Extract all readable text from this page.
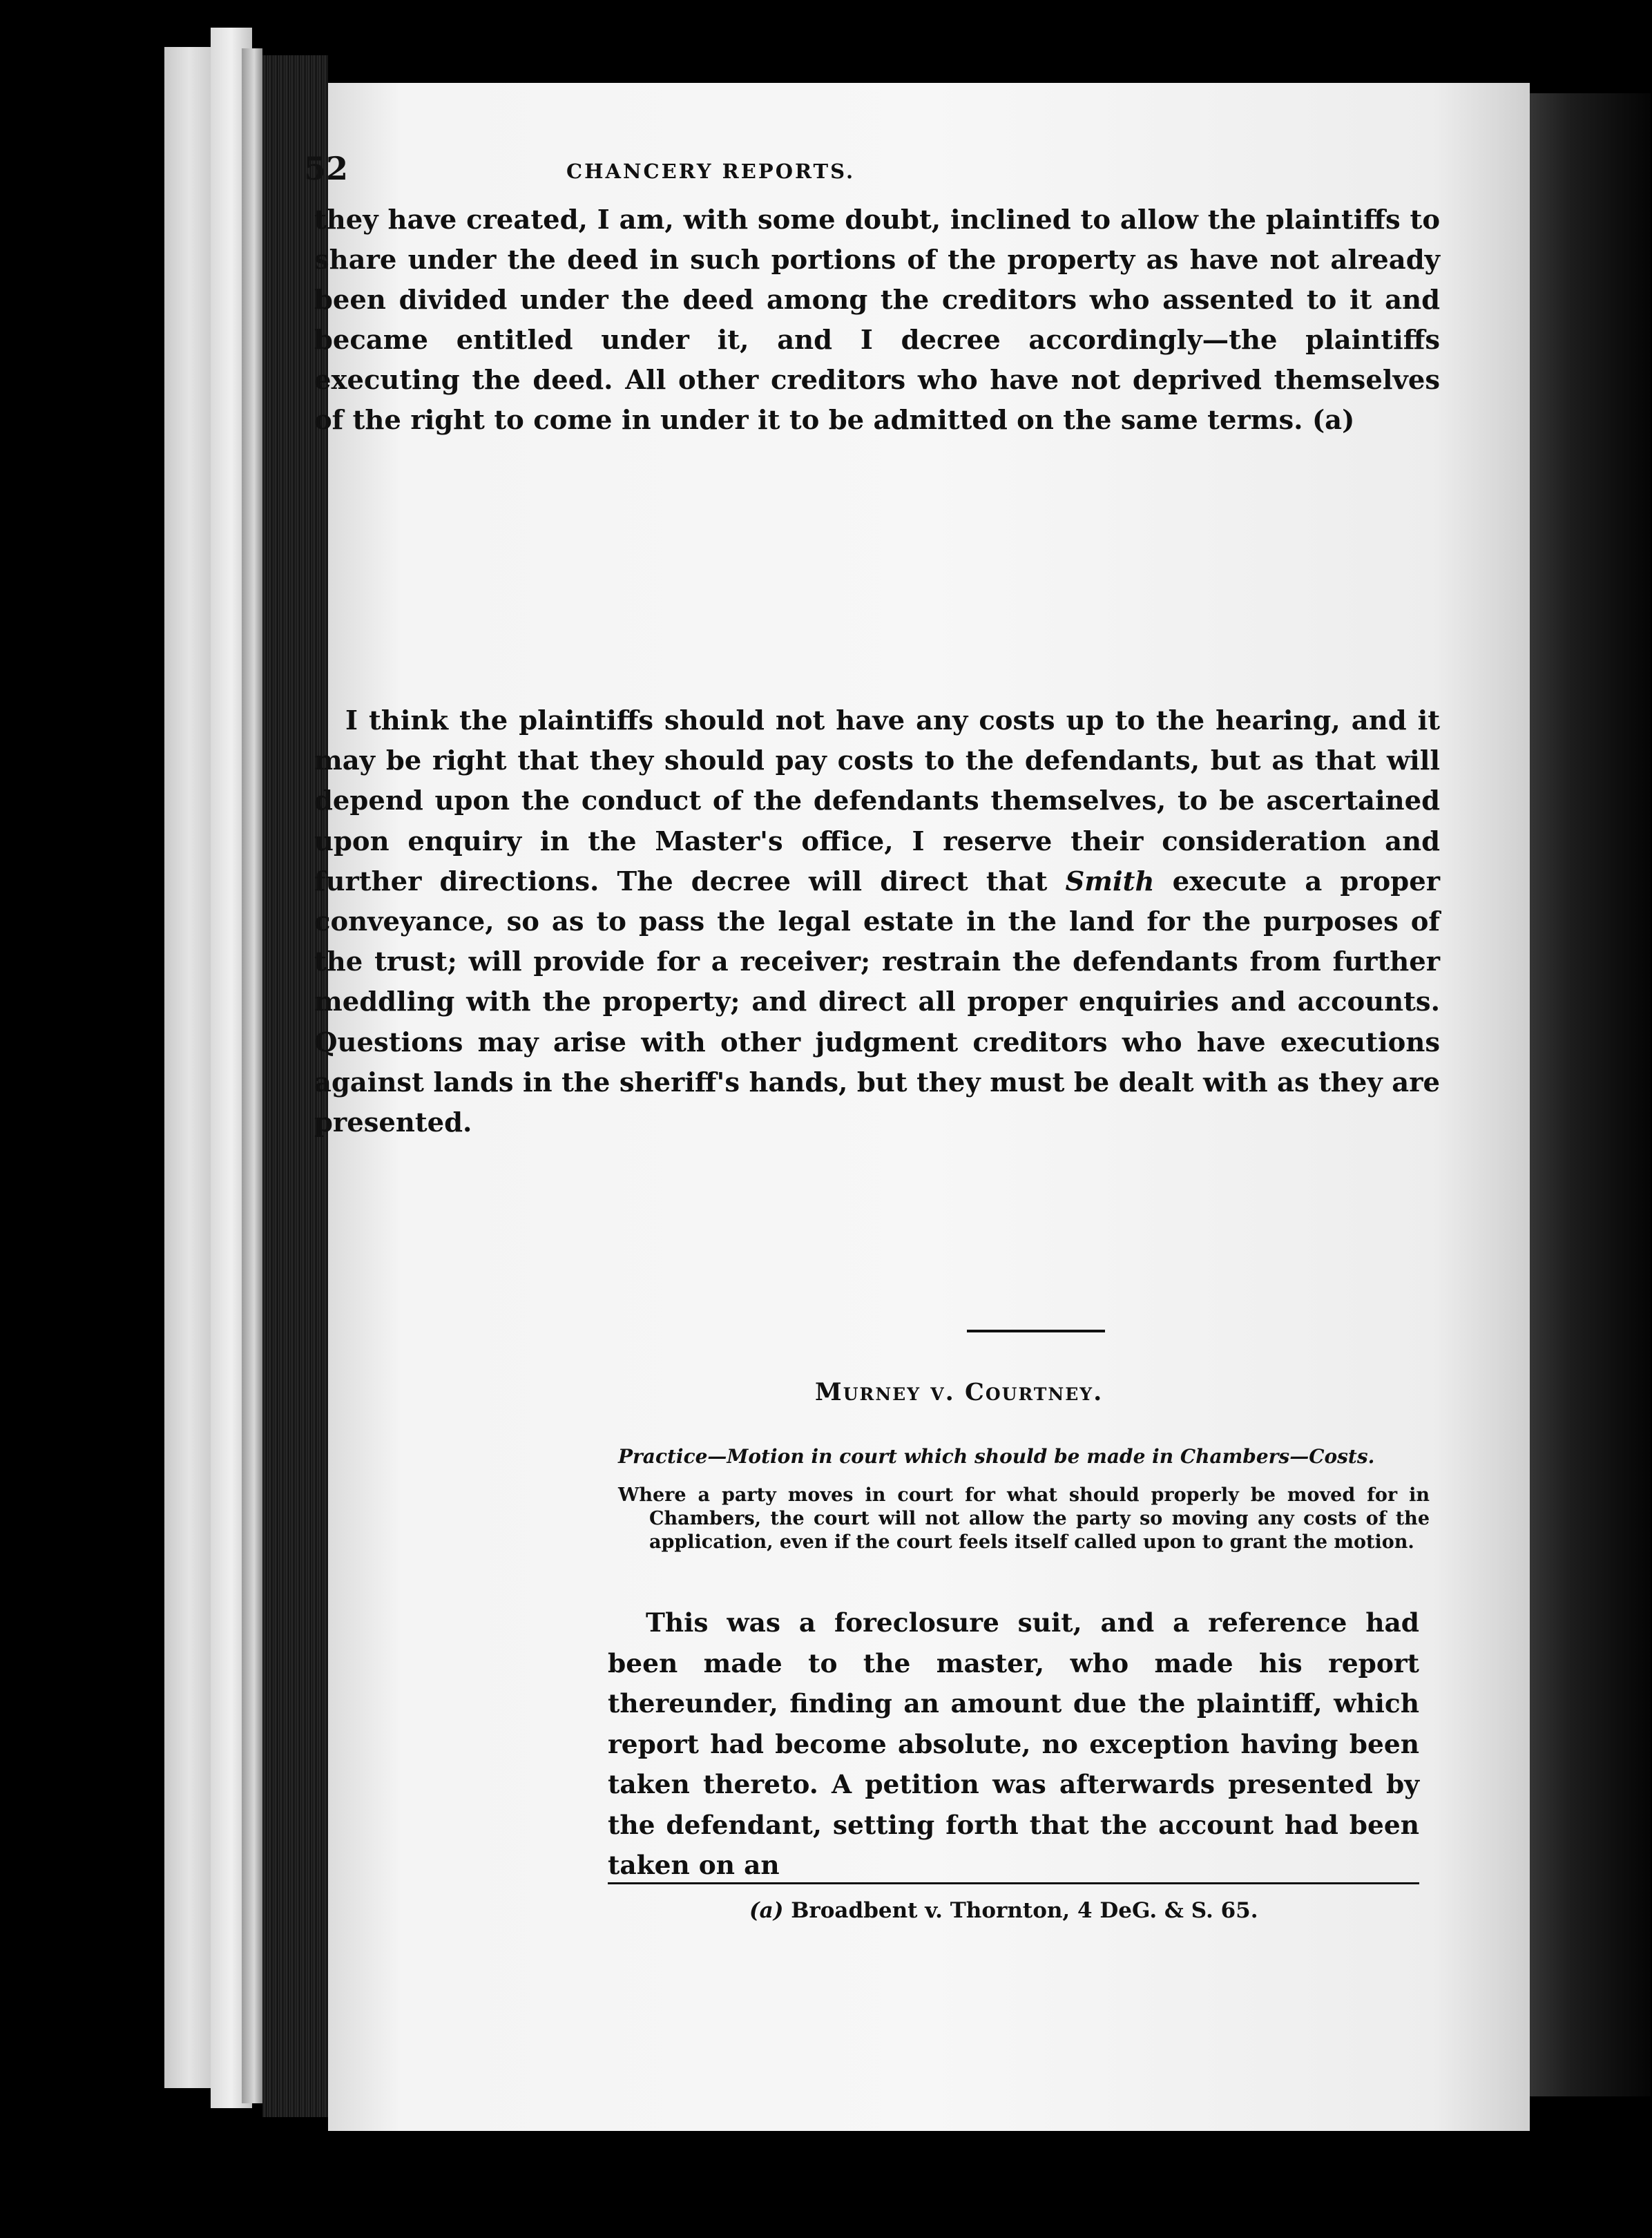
52	CHANCERY REPORTS.
they have created, I am, with some doubt, inclined to allow the plaintiffs to share under the deed in such portions of the property as have not already been divided under the deed among the creditors who assented to it and became entitled under it, and I decree accordingly—the plaintiffs executing the deed. All other creditors who have not deprived themselves of the right to come in under it to be admitted on the same terms. (a)
I think the plaintiffs should not have any costs up to the hearing, and it may be right that they should pay costs to the defendants, but as that will depend upon the conduct of the defendants themselves, to be ascertained upon enquiry in the Master's office, I reserve their consideration and further directions. The decree will direct that Smith execute a proper conveyance, so as to pass the legal estate in the land for the purposes of the trust; will provide for a receiver; restrain the defendants from further meddling with the property; and direct all proper enquiries and accounts. Questions may arise with other judgment creditors who have executions against lands in the sheriff's hands, but they must be dealt with as they are presented.
Murney v. Courtney.
Practice—Motion in court which should be made in Chambers—Costs.
Where a party moves in court for what should properly be moved for in Chambers, the court will not allow the party so moving any costs of the application, even if the court feels itself called upon to grant the motion.
This was a foreclosure suit, and a reference had been made to the master, who made his report thereunder, finding an amount due the plaintiff, which report had become absolute, no exception having been taken thereto. A petition was afterwards presented by the defendant, setting forth that the account had been taken on an
(a) Broadbent v. Thornton, 4 DeG. & S. 65.
